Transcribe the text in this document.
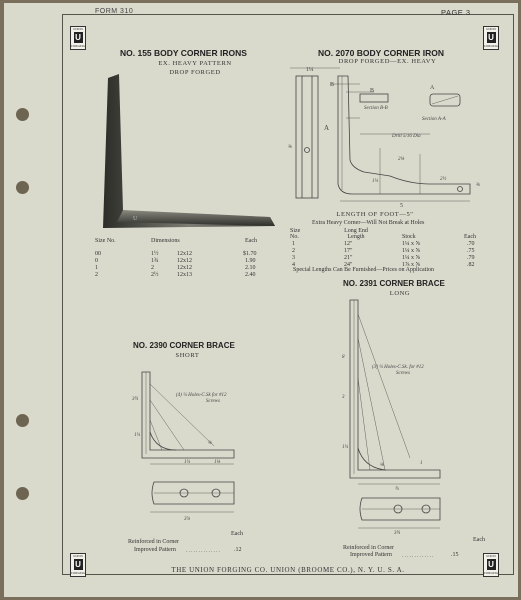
UNION
U
FORGING
UNION
U
FORGING
UNION
U
FORGING
UNION
U
FORGING
FORM 310	PAGE 3
NO. 155 BODY CORNER IRONS
EX. HEAVY PATTERN
DROP FORGED
U
Size No.	Dimensions	Each
00	1½	12x12	$1.70
0	1¾	12x12	1.90
1	2	12x12	2.10
2	2½	12x13	2.40
NO. 2070 BODY CORNER IRON
DROP FORGED—EX. HEAVY
1¼
⅜
A
B
B
Section B-B
Section A-A
A
Drill 5/16 Dia
2⅛
1¼	2½
5
⅜
LENGTH OF FOOT—5"
Extra Heavy Corner—Will Not Break at Holes
Size No.
Long End Length	Stock	Each
1	12"	1¼ x ⅝	.70
2	17"	1¼ x ⅝	.75
3	21"	1¼ x ⅝	.79
4	24"	1⅞ x ⅝	.82
Special Lengths Can Be Furnished—Prices on Application
NO. 2391 CORNER BRACE
LONG
(3) ¼ Holes-C.Sk. for #12
Screws
8
3
1¼
⅝	1
¾
3¾
Each
Reinforced in Corner
Improved Pattern .............	.15
NO. 2390 CORNER BRACE
SHORT
(4) ¼ Holes-C.Sk for #12
Screws
3¾
1¼
⅝
1¼	1⅛
3⅞
Each
Reinforced in Corner
Improved Pattern .............. .12
THE UNION FORGING CO. UNION (BROOME CO.), N. Y. U. S. A.
